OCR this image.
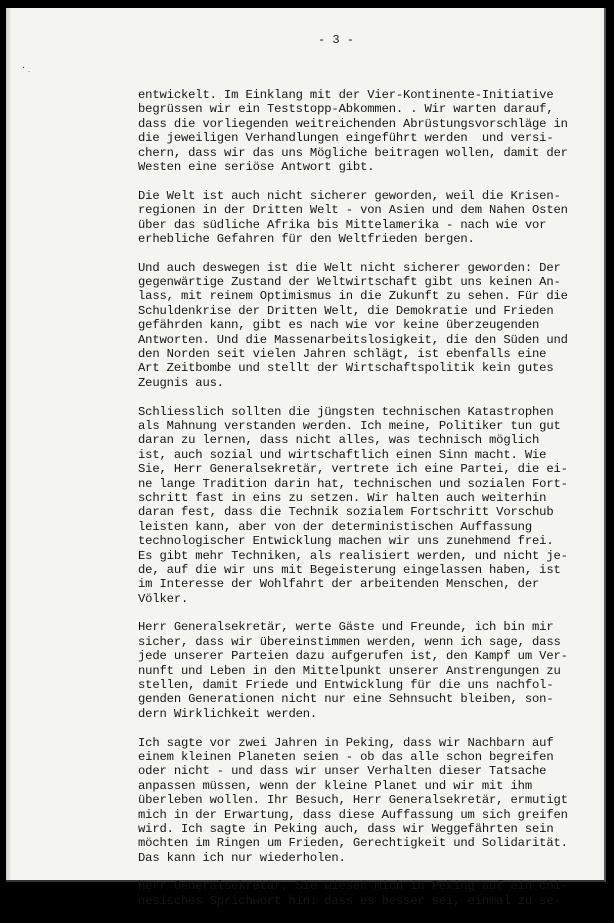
· ·
- 3 -
entwickelt. Im Einklang mit der Vier-Kontinente-Initiative
begrüssen wir ein Teststopp-Abkommen. . Wir warten darauf,
dass die vorliegenden weitreichenden Abrüstungsvorschläge in
die jeweiligen Verhandlungen eingeführt werden  und versi-
chern, dass wir das uns Mögliche beitragen wollen, damit der
Westen eine seriöse Antwort gibt.
Die Welt ist auch nicht sicherer geworden, weil die Krisen-
regionen in der Dritten Welt - von Asien und dem Nahen Osten
über das südliche Afrika bis Mittelamerika - nach wie vor
erhebliche Gefahren für den Weltfrieden bergen.
Und auch deswegen ist die Welt nicht sicherer geworden: Der
gegenwärtige Zustand der Weltwirtschaft gibt uns keinen An-
lass, mit reinem Optimismus in die Zukunft zu sehen. Für die
Schuldenkrise der Dritten Welt, die Demokratie und Frieden
gefährden kann, gibt es nach wie vor keine überzeugenden
Antworten. Und die Massenarbeitslosigkeit, die den Süden und
den Norden seit vielen Jahren schlägt, ist ebenfalls eine
Art Zeitbombe und stellt der Wirtschaftspolitik kein gutes
Zeugnis aus.
Schliesslich sollten die jüngsten technischen Katastrophen
als Mahnung verstanden werden. Ich meine, Politiker tun gut
daran zu lernen, dass nicht alles, was technisch möglich
ist, auch sozial und wirtschaftlich einen Sinn macht. Wie
Sie, Herr Generalsekretär, vertrete ich eine Partei, die ei-
ne lange Tradition darin hat, technischen und sozialen Fort-
schritt fast in eins zu setzen. Wir halten auch weiterhin
daran fest, dass die Technik sozialem Fortschritt Vorschub
leisten kann, aber von der deterministischen Auffassung
technologischer Entwicklung machen wir uns zunehmend frei.
Es gibt mehr Techniken, als realisiert werden, und nicht je-
de, auf die wir uns mit Begeisterung eingelassen haben, ist
im Interesse der Wohlfahrt der arbeitenden Menschen, der
Völker.
Herr Generalsekretär, werte Gäste und Freunde, ich bin mir
sicher, dass wir übereinstimmen werden, wenn ich sage, dass
jede unserer Parteien dazu aufgerufen ist, den Kampf um Ver-
nunft und Leben in den Mittelpunkt unserer Anstrengungen zu
stellen, damit Friede und Entwicklung für die uns nachfol-
genden Generationen nicht nur eine Sehnsucht bleiben, son-
dern Wirklichkeit werden.
Ich sagte vor zwei Jahren in Peking, dass wir Nachbarn auf
einem kleinen Planeten seien - ob das alle schon begreifen
oder nicht - und dass wir unser Verhalten dieser Tatsache
anpassen müssen, wenn der kleine Planet und wir mit ihm
überleben wollen. Ihr Besuch, Herr Generalsekretär, ermutigt
mich in der Erwartung, dass diese Auffassung um sich greifen
wird. Ich sagte in Peking auch, dass wir Weggefährten sein
möchten im Ringen um Frieden, Gerechtigkeit und Solidarität.
Das kann ich nur wiederholen.
Herr Generalsekretär, Sie wiesen mich in Peking auf ein chi-
nesisches Sprichwort hin: dass es besser sei, einmal zu se-
